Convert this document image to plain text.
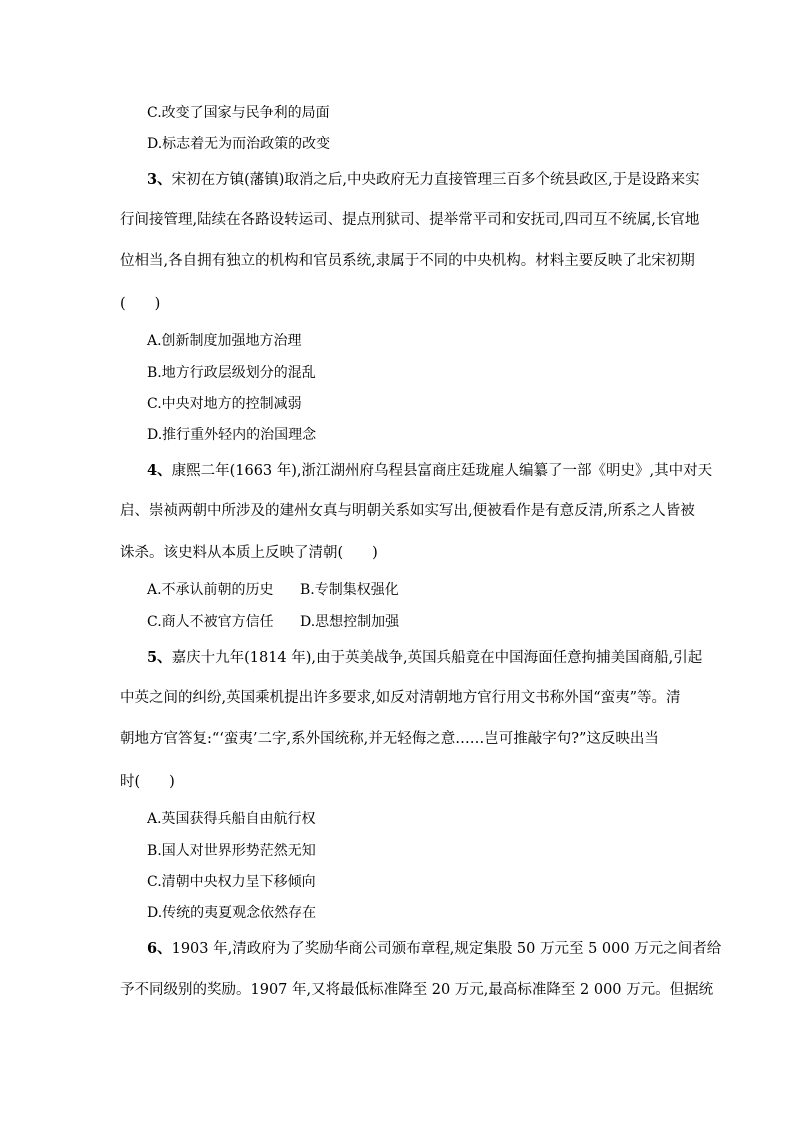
C.改变了国家与民争利的局面
D.标志着无为而治政策的改变
3、宋初在方镇(藩镇)取消之后,中央政府无力直接管理三百多个统县政区,于是设路来实
行间接管理,陆续在各路设转运司、提点刑狱司、提举常平司和安抚司,四司互不统属,长官地
位相当,各自拥有独立的机构和官员系统,隶属于不同的中央机构。材料主要反映了北宋初期
(　　)
A.创新制度加强地方治理
B.地方行政层级划分的混乱
C.中央对地方的控制减弱
D.推行重外轻内的治国理念
4、康熙二年(1663 年),浙江湖州府乌程县富商庄廷珑雇人编纂了一部《明史》,其中对天
启、崇祯两朝中所涉及的建州女真与明朝关系如实写出,便被看作是有意反清,所系之人皆被
诛杀。该史料从本质上反映了清朝(　　)
A.不承认前朝的历史 B.专制集权强化
C.商人不被官方信任 D.思想控制加强
5、嘉庆十九年(1814 年),由于英美战争,英国兵船竟在中国海面任意拘捕美国商船,引起
中英之间的纠纷,英国乘机提出许多要求,如反对清朝地方官行用文书称外国“蛮夷”等。清
朝地方官答复:“‘蛮夷’二字,系外国统称,并无轻侮之意……岂可推敲字句?”这反映出当
时(　　)
A.英国获得兵船自由航行权
B.国人对世界形势茫然无知
C.清朝中央权力呈下移倾向
D.传统的夷夏观念依然存在
6、1903 年,清政府为了奖励华商公司颁布章程,规定集股 50 万元至 5 000 万元之间者给
予不同级别的奖励。1907 年,又将最低标准降至 20 万元,最高标准降至 2 000 万元。但据统
